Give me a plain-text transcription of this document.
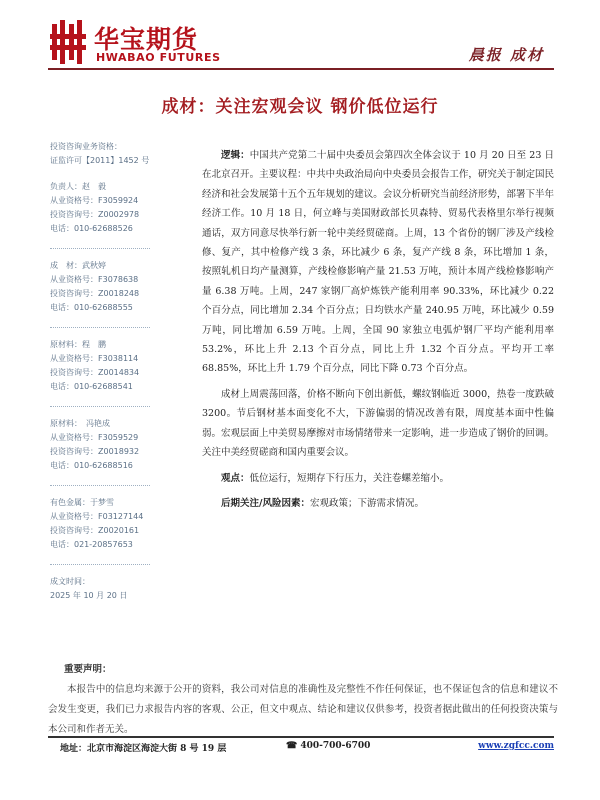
华宝期货
HWABAO FUTURES	晨报 成材
成材：关注宏观会议 钢价低位运行
投资咨询业务资格：
证监许可【2011】1452 号
负责人：赵　毅
从业资格号：F3059924
投资咨询号：Z0002978
电话：010-62688526
成　材：武秋婷
从业资格号：F3078638
投资咨询号：Z0018248
电话：010-62688555
原材料：程　鹏
从业资格号：F3038114
投资咨询号：Z0014834
电话：010-62688541
原材料：　冯艳成
从业资格号：F3059529
投资咨询号：Z0018932
电话：010-62688516
有色金属：于梦雪
从业资格号：F03127144
投资咨询号：Z0020161
电话：021-20857653
成文时间：
2025 年 10 月 20 日

逻辑：中国共产党第二十届中央委员会第四次全体会议于 10 月 20 日至 23 日在北京召开。主要议程：中共中央政治局向中央委员会报告工作，研究关于制定国民经济和社会发展第十五个五年规划的建议。会议分析研究当前经济形势，部署下半年经济工作。10 月 18 日，何立峰与美国财政部长贝森特、贸易代表格里尔举行视频通话，双方同意尽快举行新一轮中美经贸磋商。上周，13 个省份的钢厂涉及产线检修、复产，其中检修产线 3 条，环比减少 6 条，复产产线 8 条，环比增加 1 条，按照轧机日均产量测算，产线检修影响产量 21.53 万吨，预计本周产线检修影响产量 6.38 万吨。上周，247 家钢厂高炉炼铁产能利用率 90.33%，环比减少 0.22 个百分点，同比增加 2.34 个百分点；日均铁水产量 240.95 万吨，环比减少 0.59 万吨，同比增加 6.59 万吨。上周，全国 90 家独立电弧炉钢厂平均产能利用率 53.2%，环比上升 2.13 个百分点，同比上升 1.32 个百分点。平均开工率 68.85%，环比上升 1.79 个百分点，同比下降 0.73 个百分点。

成材上周震荡回落，价格不断向下创出新低，螺纹钢临近 3000，热卷一度跌破 3200。节后钢材基本面变化不大，下游偏弱的情况改善有限，周度基本面中性偏弱。宏观层面上中美贸易摩擦对市场情绪带来一定影响，进一步造成了钢价的回调。关注中美经贸磋商和国内重要会议。

观点：低位运行，短期存下行压力，关注卷螺差缩小。

后期关注/风险因素：宏观政策；下游需求情况。

重要声明：

本报告中的信息均来源于公开的资料，我公司对信息的准确性及完整性不作任何保证，也不保证包含的信息和建议不会发生变更，我们已力求报告内容的客观、公正，但文中观点、结论和建议仅供参考，投资者据此做出的任何投资决策与本公司和作者无关。

地址：北京市海淀区海淀大街 8 号 19 层	☎ 400-700-6700	www.zgfcc.com
